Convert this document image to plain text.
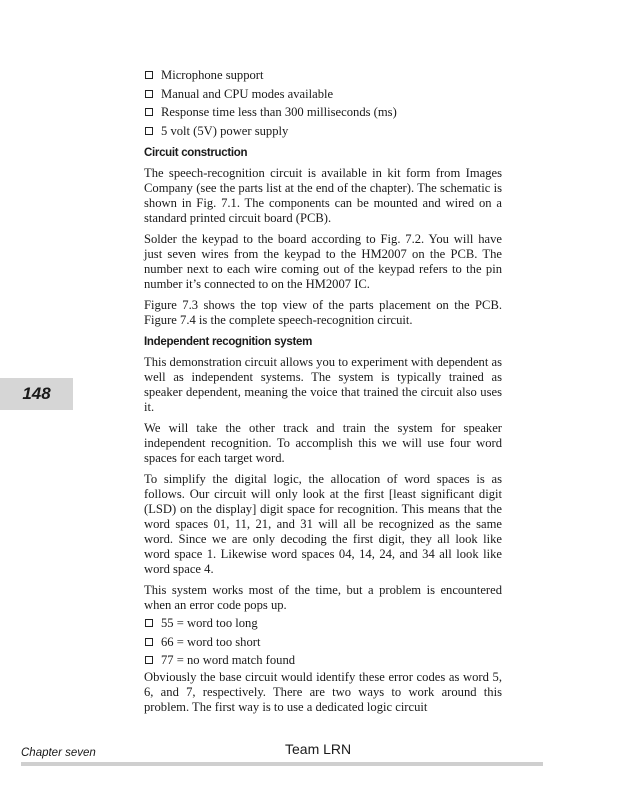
Microphone support
Manual and CPU modes available
Response time less than 300 milliseconds (ms)
5 volt (5V) power supply
Circuit construction

The speech-recognition circuit is available in kit form from Images Company (see the parts list at the end of the chapter). The schematic is shown in Fig. 7.1. The components can be mounted and wired on a standard printed circuit board (PCB).

Solder the keypad to the board according to Fig. 7.2. You will have just seven wires from the keypad to the HM2007 on the PCB. The number next to each wire coming out of the keypad refers to the pin number it’s connected to on the HM2007 IC.

Figure 7.3 shows the top view of the parts placement on the PCB. Figure 7.4 is the complete speech-recognition circuit.

Independent recognition system

This demonstration circuit allows you to experiment with dependent as well as independent systems. The system is typically trained as speaker dependent, meaning the voice that trained the circuit also uses it.

We will take the other track and train the system for speaker independent recognition. To accomplish this we will use four word spaces for each target word.

To simplify the digital logic, the allocation of word spaces is as follows. Our circuit will only look at the first [least significant digit (LSD) on the display] digit space for recognition. This means that the word spaces 01, 11, 21, and 31 will all be recognized as the same word. Since we are only decoding the first digit, they all look like word space 1. Likewise word spaces 04, 14, 24, and 34 all look like word space 4.

This system works most of the time, but a problem is encountered when an error code pops up.

55 = word too long
66 = word too short
77 = no word match found

Obviously the base circuit would identify these error codes as word 5, 6, and 7, respectively. There are two ways to work around this problem. The first way is to use a dedicated logic circuit

148
Chapter seven	Team LRN
